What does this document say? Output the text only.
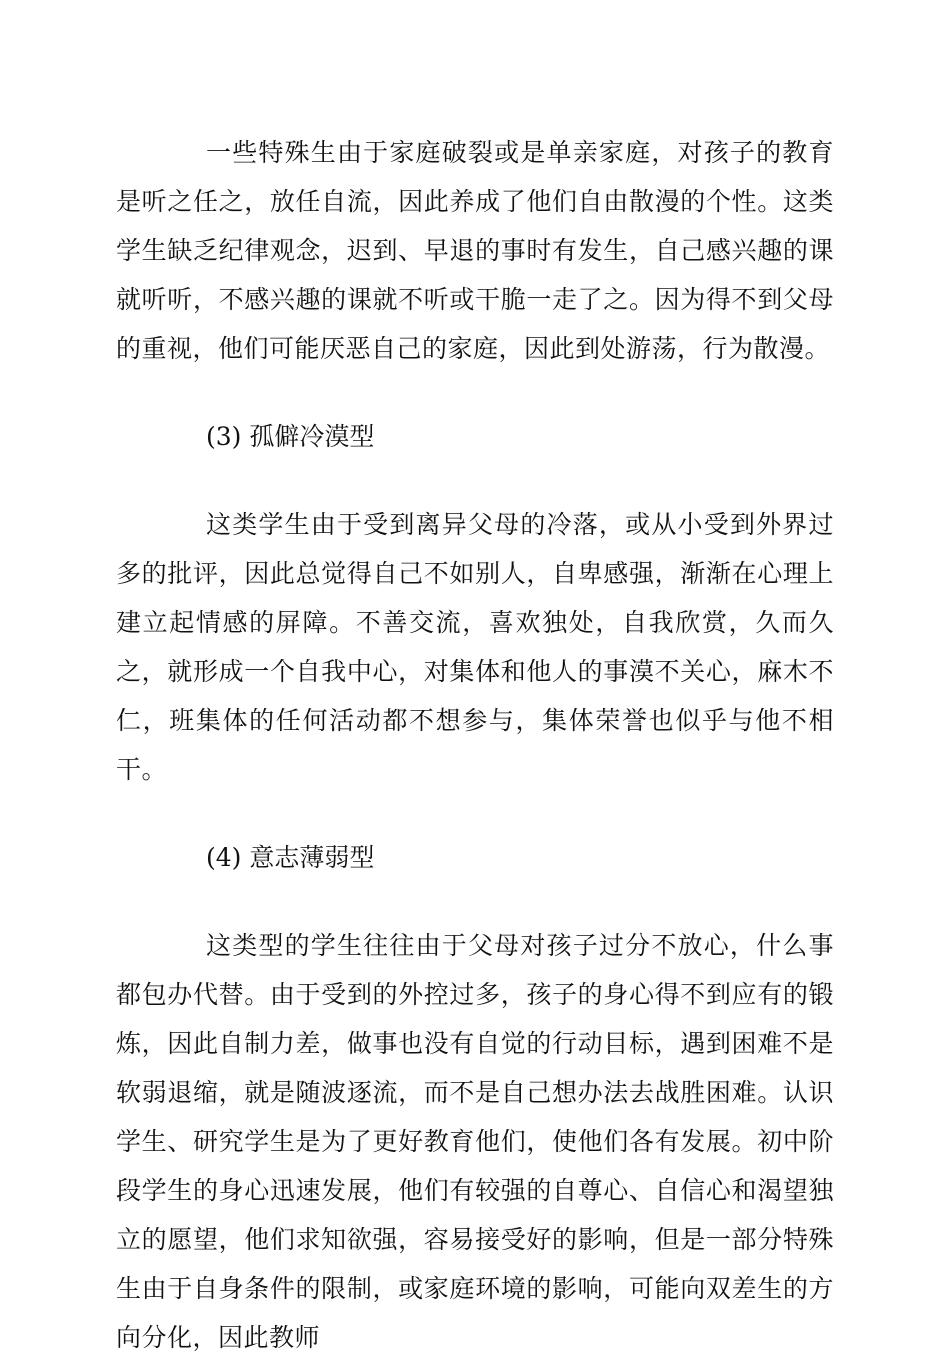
一些特殊生由于家庭破裂或是单亲家庭，对孩子的教育是听之任之，放任自流，因此养成了他们自由散漫的个性。这类学生缺乏纪律观念，迟到、早退的事时有发生，自己感兴趣的课就听听，不感兴趣的课就不听或干脆一走了之。因为得不到父母的重视，他们可能厌恶自己的家庭，因此到处游荡，行为散漫。

(3) 孤僻冷漠型

这类学生由于受到离异父母的冷落，或从小受到外界过多的批评，因此总觉得自己不如别人，自卑感强，渐渐在心理上建立起情感的屏障。不善交流，喜欢独处，自我欣赏，久而久之，就形成一个自我中心，对集体和他人的事漠不关心，麻木不仁，班集体的任何活动都不想参与，集体荣誉也似乎与他不相干。

(4) 意志薄弱型

这类型的学生往往由于父母对孩子过分不放心，什么事都包办代替。由于受到的外控过多，孩子的身心得不到应有的锻炼，因此自制力差，做事也没有自觉的行动目标，遇到困难不是软弱退缩，就是随波逐流，而不是自己想办法去战胜困难。认识学生、研究学生是为了更好教育他们，使他们各有发展。初中阶段学生的身心迅速发展，他们有较强的自尊心、自信心和渴望独立的愿望，他们求知欲强，容易接受好的影响，但是一部分特殊生由于自身条件的限制，或家庭环境的影响，可能向双差生的方向分化，因此教师
